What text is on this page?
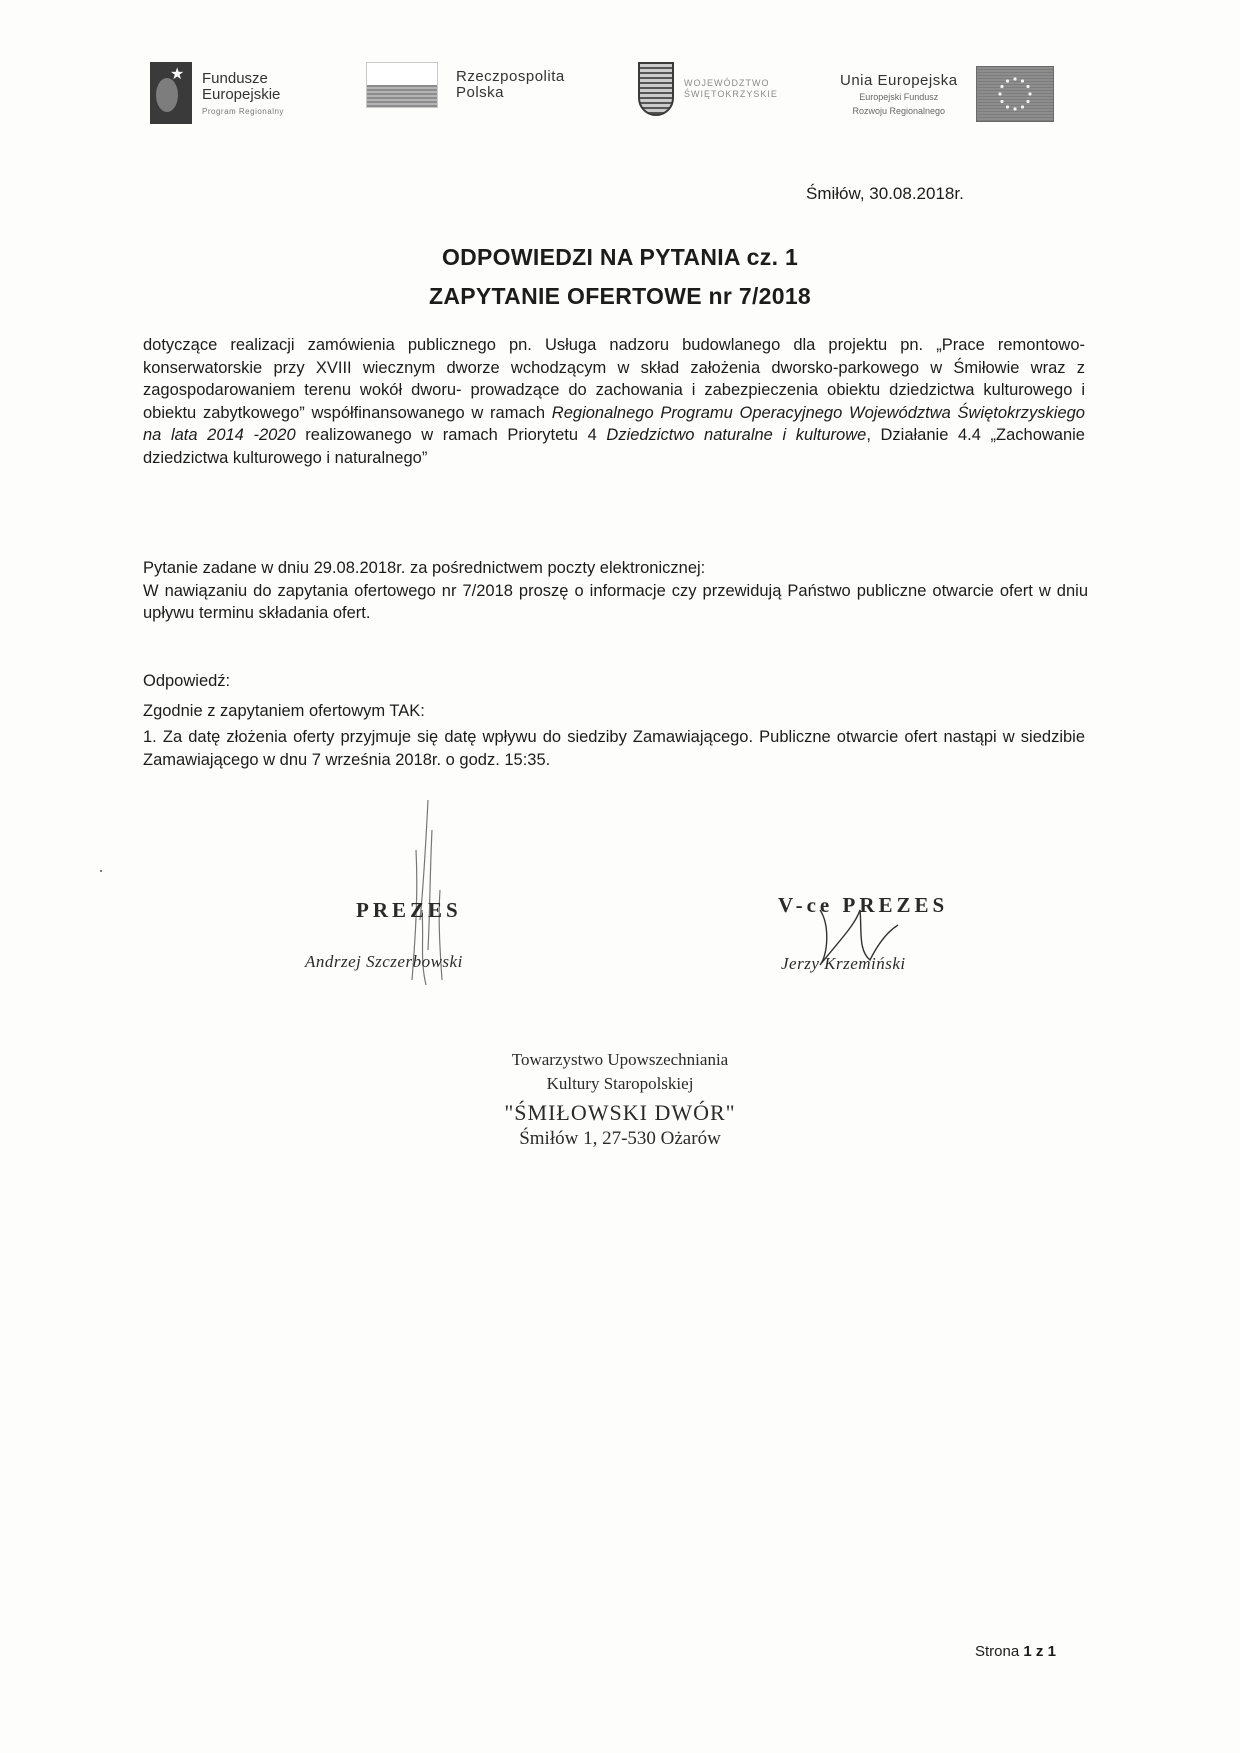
★
Fundusze
Europejskie
Program Regionalny
Rzeczpospolita
Polska
WOJEWÓDZTWO
ŚWIĘTOKRZYSKIE
Unia Europejska
Europejski Fundusz
Rozwoju Regionalnego
Śmiłów, 30.08.2018r.
ODPOWIEDZI NA PYTANIA cz. 1
ZAPYTANIE OFERTOWE nr 7/2018

dotyczące realizacji zamówienia publicznego pn. Usługa nadzoru budowlanego dla projektu pn. „Prace remontowo-konserwatorskie przy XVIII wiecznym dworze wchodzącym w skład założenia dworsko-parkowego w Śmiłowie wraz z zagospodarowaniem terenu wokół dworu- prowadzące do zachowania i zabezpieczenia obiektu dziedzictwa kulturowego i obiektu zabytkowego” współfinansowanego w ramach Regionalnego Programu Operacyjnego Województwa Świętokrzyskiego na lata 2014 -2020 realizowanego w ramach Priorytetu 4 Dziedzictwo naturalne i kulturowe, Działanie 4.4 „Zachowanie dziedzictwa kulturowego i naturalnego”

Pytanie zadane w dniu 29.08.2018r. za pośrednictwem poczty elektronicznej:
W nawiązaniu do zapytania ofertowego nr 7/2018 proszę o informacje czy przewidują Państwo publiczne otwarcie ofert w dniu upływu terminu składania ofert.

Odpowiedź:
Zgodnie z zapytaniem ofertowym TAK:
1. Za datę złożenia oferty przyjmuje się datę wpływu do siedziby Zamawiającego. Publiczne otwarcie ofert nastąpi w siedzibie Zamawiającego w dnu 7 września 2018r. o godz. 15:35.

PREZES
Andrzej Szczerbowski
V-ce PREZES
Jerzy Krzemiński
Towarzystwo Upowszechniania
Kultury Staropolskiej
"ŚMIŁOWSKI DWÓR"
Śmiłów 1, 27-530 Ożarów
Strona 1 z 1
